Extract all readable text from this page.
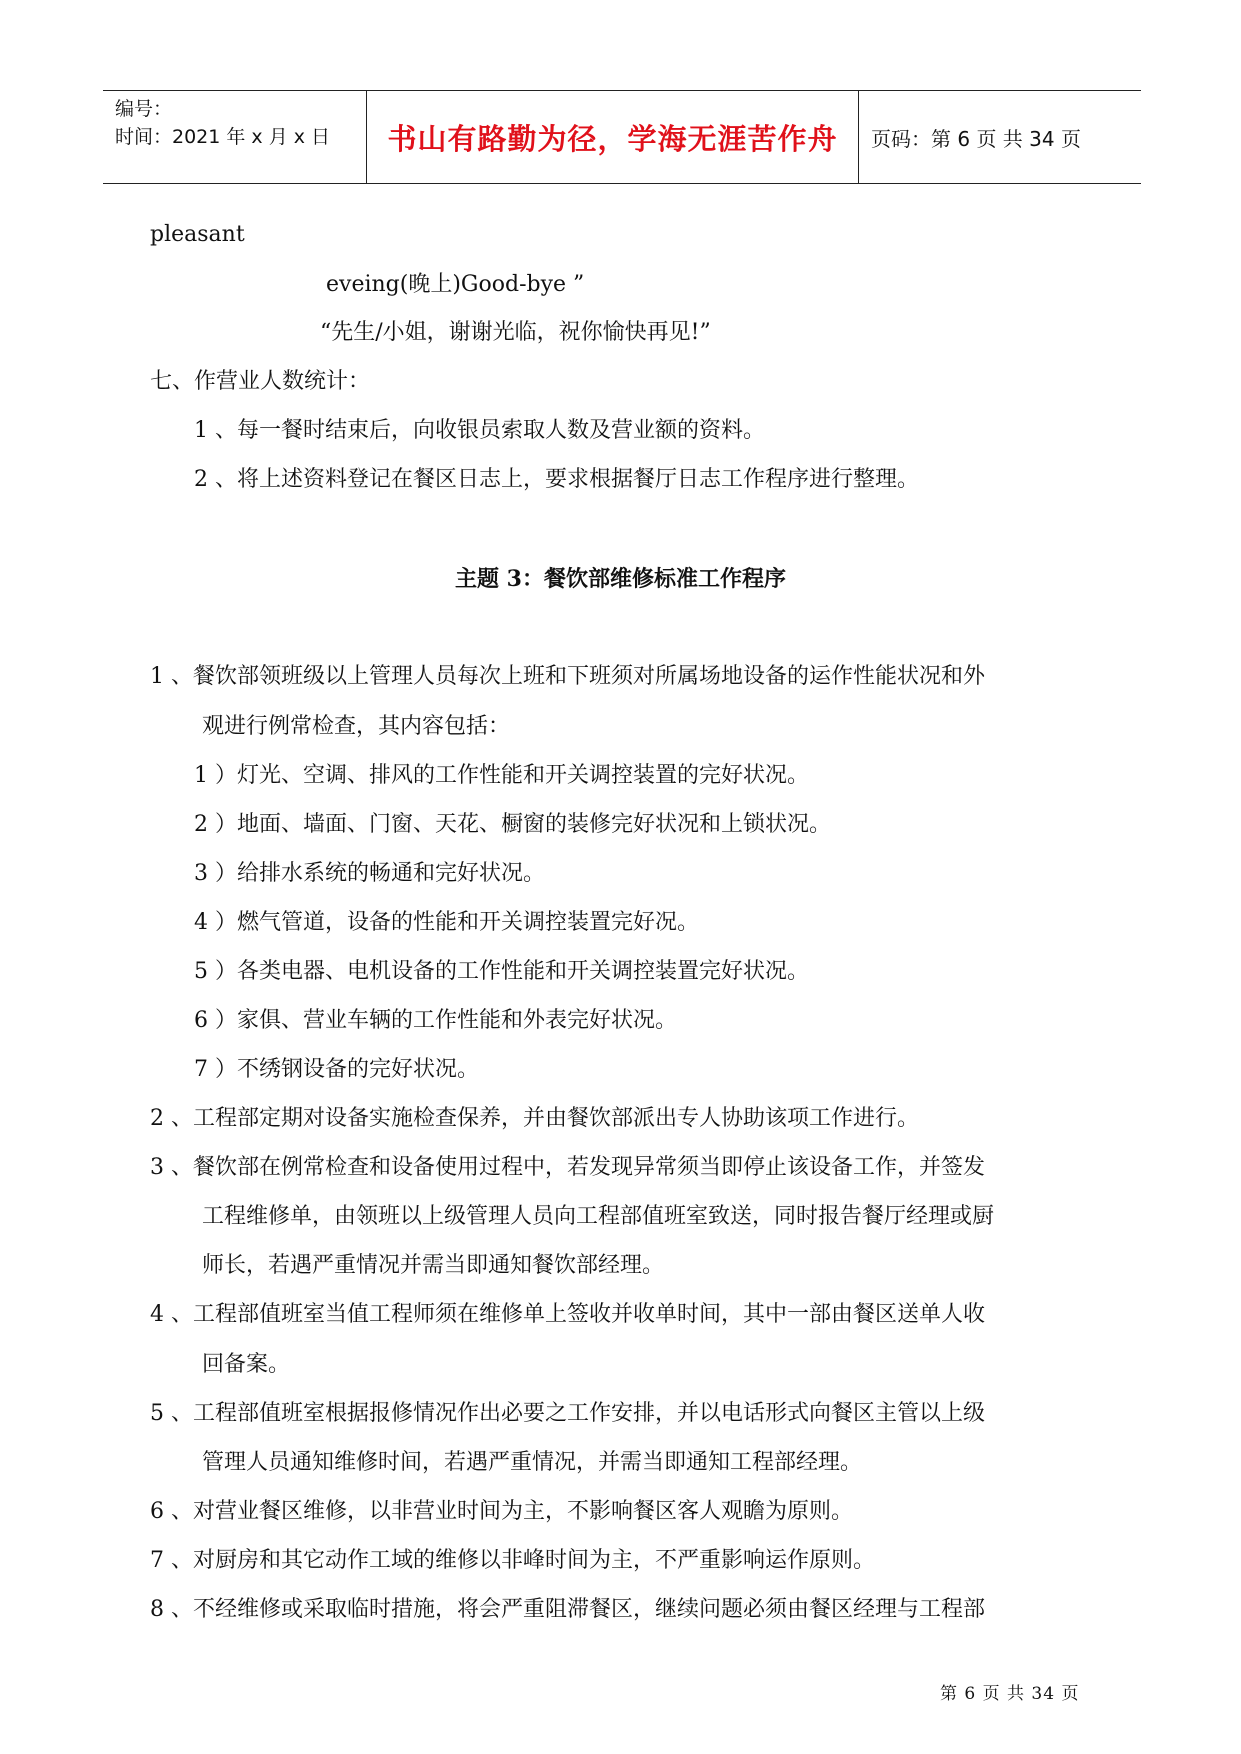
编号：
时间：2021 年 x 月 x 日	书山有路勤为径，学海无涯苦作舟	页码：第 6 页 共 34 页
pleasant
eveing(晚上)Good-bye ”
“先生/小姐，谢谢光临，祝你愉快再见!”
七、作营业人数统计：
1 、每一餐时结束后，向收银员索取人数及营业额的资料。
2 、将上述资料登记在餐区日志上，要求根据餐厅日志工作程序进行整理。
主题 3：餐饮部维修标准工作程序
1 、餐饮部领班级以上管理人员每次上班和下班须对所属场地设备的运作性能状况和外
观进行例常检查，其内容包括：
1 ）灯光、空调、排风的工作性能和开关调控装置的完好状况。
2 ）地面、墙面、门窗、天花、橱窗的装修完好状况和上锁状况。
3 ）给排水系统的畅通和完好状况。
4 ）燃气管道，设备的性能和开关调控装置完好况。
5 ）各类电器、电机设备的工作性能和开关调控装置完好状况。
6 ）家俱、营业车辆的工作性能和外表完好状况。
7 ）不绣钢设备的完好状况。
2 、工程部定期对设备实施检查保养，并由餐饮部派出专人协助该项工作进行。
3 、餐饮部在例常检查和设备使用过程中，若发现异常须当即停止该设备工作，并签发
工程维修单，由领班以上级管理人员向工程部值班室致送，同时报告餐厅经理或厨
师长，若遇严重情况并需当即通知餐饮部经理。
4 、工程部值班室当值工程师须在维修单上签收并收单时间，其中一部由餐区送单人收
回备案。
5 、工程部值班室根据报修情况作出必要之工作安排，并以电话形式向餐区主管以上级
管理人员通知维修时间，若遇严重情况，并需当即通知工程部经理。
6 、对营业餐区维修，以非营业时间为主，不影响餐区客人观瞻为原则。
7 、对厨房和其它动作工域的维修以非峰时间为主，不严重影响运作原则。
8 、不经维修或采取临时措施，将会严重阻滞餐区，继续问题必须由餐区经理与工程部
第 6 页 共 34 页
